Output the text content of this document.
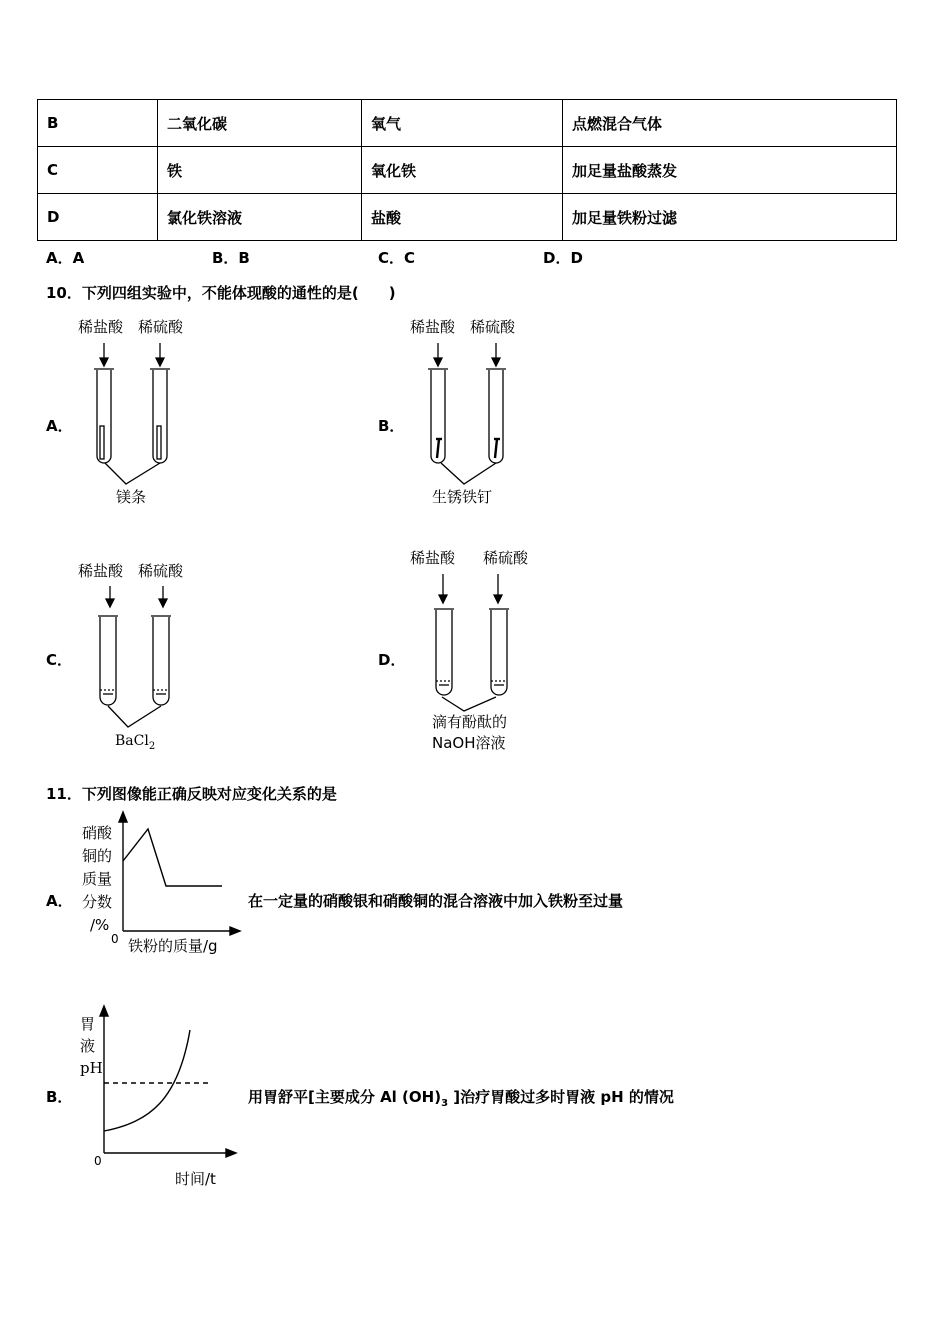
B	二氧化碳	氧气	点燃混合气体
C	铁	氧化铁	加足量盐酸蒸发
D	氯化铁溶液	盐酸	加足量铁粉过滤
A．A	B．B	C．C	D．D
10．下列四组实验中，不能体现酸的通性的是(　　)
A．
稀盐酸 稀硫酸
镁条
B．
稀盐酸 稀硫酸
生锈铁钉
C．
稀盐酸 稀硫酸
BaCl$_2$
D．
稀盐酸 稀硫酸
滴有酚酞的
NaOH溶液
11．下列图像能正确反映对应变化关系的是
A．
硝酸
铜的
质量
分数
/%
0 铁粉的质量/g
在一定量的硝酸银和硝酸铜的混合溶液中加入铁粉至过量
B．
胃
液
pH
0
时间/t
用胃舒平[主要成分 Al $(OH)_3$ ]治疗胃酸过多时胃液 pH 的情况
